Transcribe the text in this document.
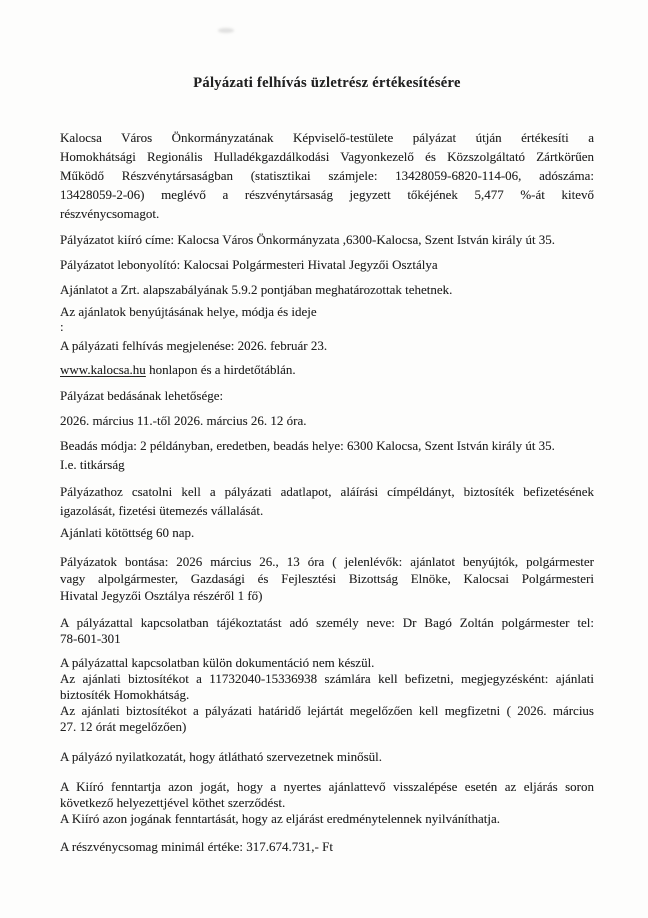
Pályázati felhívás üzletrész értékesítésére

Kalocsa Város Önkormányzatának Képviselő-testülete pályázat útján értékesíti a
Homokhátsági Regionális Hulladékgazdálkodási Vagyonkezelő és Közszolgáltató Zártkörűen
Működő Részvénytársaságban (statisztikai számjele: 13428059-6820-114-06, adószáma:
13428059-2-06) meglévő a részvénytársaság jegyzett tőkéjének 5,477 %-át kitevő
részvénycsomagot.

Pályázatot kiíró címe: Kalocsa Város Önkormányzata ,6300-Kalocsa, Szent István király út 35.

Pályázatot lebonyolító: Kalocsai Polgármesteri Hivatal Jegyzői Osztálya

Ajánlatot a Zrt. alapszabályának 5.9.2 pontjában meghatározottak tehetnek.

Az ajánlatok benyújtásának helye, módja és ideje
:

A pályázati felhívás megjelenése: 2026. február 23.

www.kalocsa.hu honlapon és a hirdetőtáblán.

Pályázat bedásának lehetősége:

2026. március 11.-től 2026. március 26. 12 óra.

Beadás módja: 2 példányban, eredetben, beadás helye: 6300 Kalocsa, Szent István király út 35.
I.e. titkárság

Pályázathoz csatolni kell a pályázati adatlapot, aláírási címpéldányt, biztosíték befizetésének
igazolását, fizetési ütemezés vállalását.

Ajánlati kötöttség 60 nap.

Pályázatok bontása: 2026 március 26., 13 óra ( jelenlévők: ajánlatot benyújtók, polgármester
vagy alpolgármester, Gazdasági és Fejlesztési Bizottság Elnöke, Kalocsai Polgármesteri
Hivatal Jegyzői Osztálya részéről 1 fő)

A pályázattal kapcsolatban tájékoztatást adó személy neve: Dr Bagó Zoltán polgármester tel:
78-601-301

A pályázattal kapcsolatban külön dokumentáció nem készül.
Az ajánlati biztosítékot a 11732040-15336938 számlára kell befizetni, megjegyzésként: ajánlati
biztosíték Homokhátság.
Az ajánlati biztosítékot a pályázati határidő lejártát megelőzően kell megfizetni ( 2026. március
27. 12 órát megelőzően)

A pályázó nyilatkozatát, hogy átlátható szervezetnek minősül.

A Kiíró fenntartja azon jogát, hogy a nyertes ajánlattevő visszalépése esetén az eljárás soron
következő helyezettjével köthet szerződést.
A Kiíró azon jogának fenntartását, hogy az eljárást eredménytelennek nyilváníthatja.

A részvénycsomag minimál értéke: 317.674.731,- Ft
